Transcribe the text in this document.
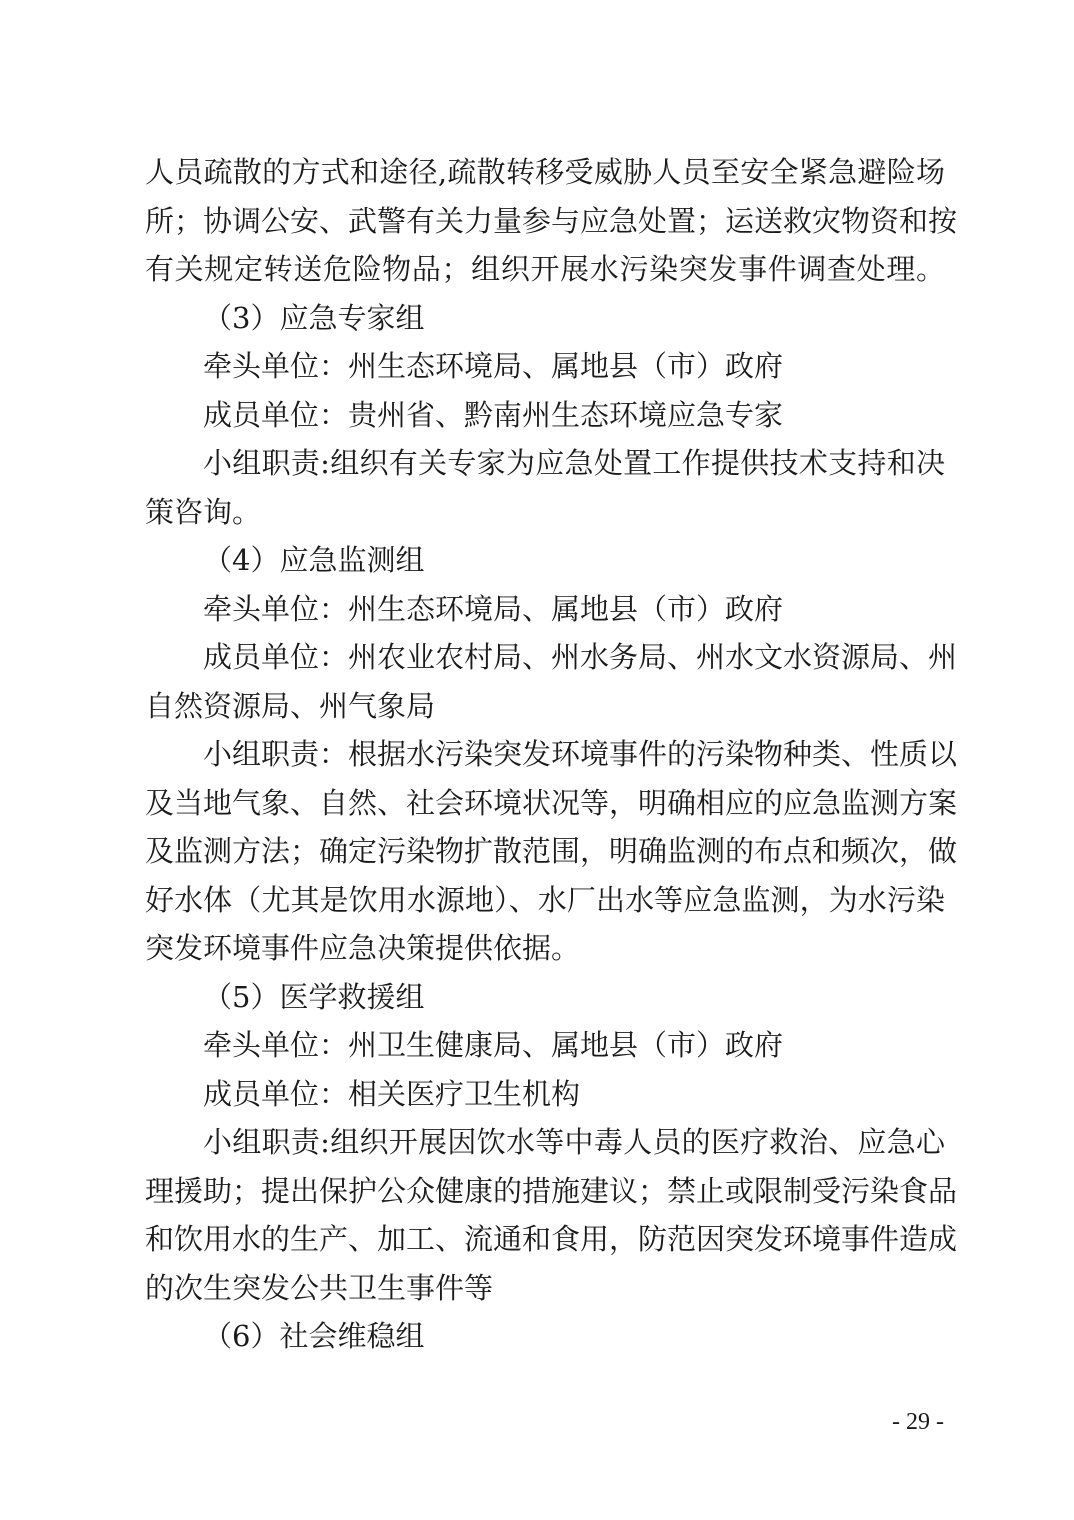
人员疏散的方式和途径,疏散转移受威胁人员至安全紧急避险场
所；协调公安、武警有关力量参与应急处置；运送救灾物资和按
有关规定转送危险物品；组织开展水污染突发事件调查处理。
（3）应急专家组
牵头单位：州生态环境局、属地县（市）政府
成员单位：贵州省、黔南州生态环境应急专家
小组职责:组织有关专家为应急处置工作提供技术支持和决
策咨询。
（4）应急监测组
牵头单位：州生态环境局、属地县（市）政府
成员单位：州农业农村局、州水务局、州水文水资源局、州
自然资源局、州气象局
小组职责：根据水污染突发环境事件的污染物种类、性质以
及当地气象、自然、社会环境状况等，明确相应的应急监测方案
及监测方法；确定污染物扩散范围，明确监测的布点和频次，做
好水体（尤其是饮用水源地）、水厂出水等应急监测，为水污染
突发环境事件应急决策提供依据。
（5）医学救援组
牵头单位：州卫生健康局、属地县（市）政府
成员单位：相关医疗卫生机构
小组职责:组织开展因饮水等中毒人员的医疗救治、应急心
理援助；提出保护公众健康的措施建议；禁止或限制受污染食品
和饮用水的生产、加工、流通和食用，防范因突发环境事件造成
的次生突发公共卫生事件等
（6）社会维稳组
- 29 -
